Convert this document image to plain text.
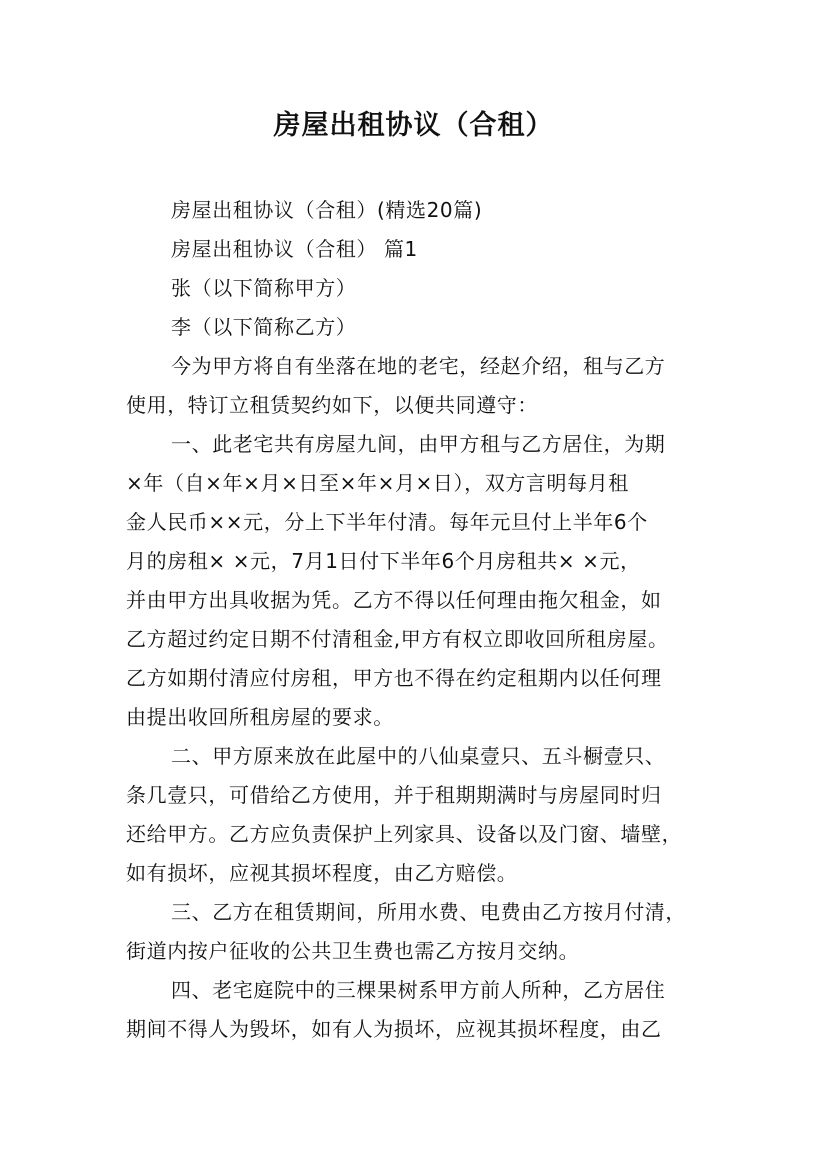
房屋出租协议（合租）
房屋出租协议（合租）(精选20篇)
房屋出租协议（合租） 篇1
张（以下简称甲方）
李（以下简称乙方）
今为甲方将自有坐落在地的老宅，经赵介绍，租与乙方
使用，特订立租赁契约如下，以便共同遵守：
一、此老宅共有房屋九间，由甲方租与乙方居住，为期
×年（自×年×月×日至×年×月×日），双方言明每月租
金人民币××元，分上下半年付清。每年元旦付上半年6个
月的房租× ×元，7月1日付下半年6个月房租共× ×元，
并由甲方出具收据为凭。乙方不得以任何理由拖欠租金，如
乙方超过约定日期不付清租金,甲方有权立即收回所租房屋。
乙方如期付清应付房租，甲方也不得在约定租期内以任何理
由提出收回所租房屋的要求。
二、甲方原来放在此屋中的八仙桌壹只、五斗橱壹只、
条几壹只，可借给乙方使用，并于租期期满时与房屋同时归
还给甲方。乙方应负责保护上列家具、设备以及门窗、墙壁，
如有损坏，应视其损坏程度，由乙方赔偿。
三、乙方在租赁期间，所用水费、电费由乙方按月付清，
街道内按户征收的公共卫生费也需乙方按月交纳。
四、老宅庭院中的三棵果树系甲方前人所种，乙方居住
期间不得人为毁坏，如有人为损坏，应视其损坏程度，由乙
